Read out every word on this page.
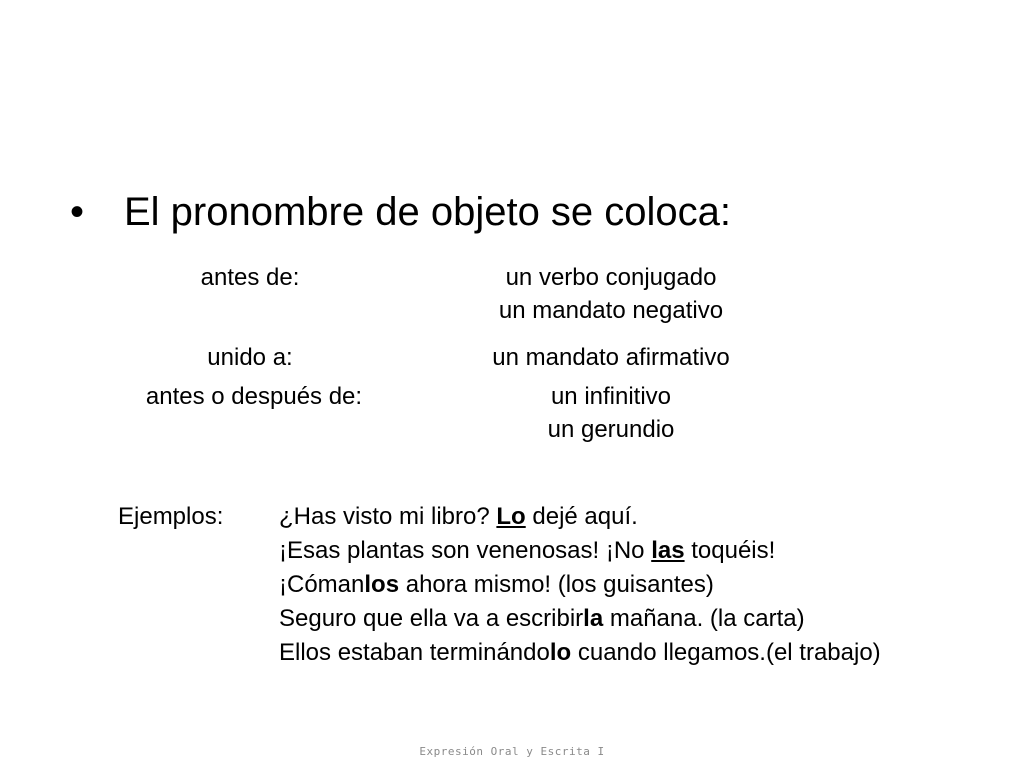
• El pronombre de objeto se coloca:
antes de:	un verbo conjugado
un mandato negativo
unido a:	un mandato afirmativo
antes o después de:	un infinitivo
un gerundio
Ejemplos: ¿Has visto mi libro? Lo dejé aquí.
¡Esas plantas son venenosas! ¡No las toquéis!
¡Cómanlos ahora mismo! (los guisantes)
Seguro que ella va a escribirla mañana. (la carta)
Ellos estaban terminándolo cuando llegamos.(el trabajo)
Expresión Oral y Escrita I
